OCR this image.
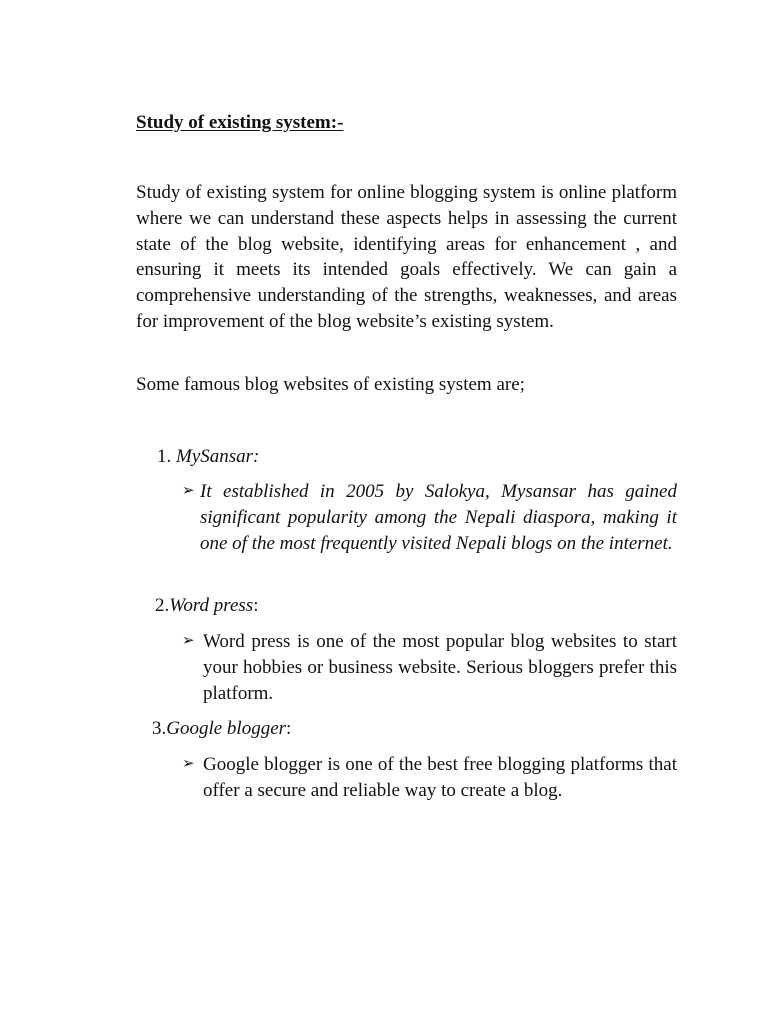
Study of existing system:-

Study of existing system for online blogging system is online platform where we can understand these aspects helps in assessing the current state of the blog website, identifying areas for enhancement , and ensuring it meets its intended goals effectively. We can gain a comprehensive understanding of the strengths, weaknesses, and areas for improvement of the blog website’s existing system.

Some famous blog websites of existing system are;

1. MySansar:

➢ It established in 2005 by Salokya, Mysansar has gained significant popularity among the Nepali diaspora, making it one of the most frequently visited Nepali blogs on the internet.

2.Word press:

➢ Word press is one of the most popular blog websites to start your hobbies or business website. Serious bloggers prefer this platform.

3.Google blogger:

➢ Google blogger is one of the best free blogging platforms that offer a secure and reliable way to create a blog.
